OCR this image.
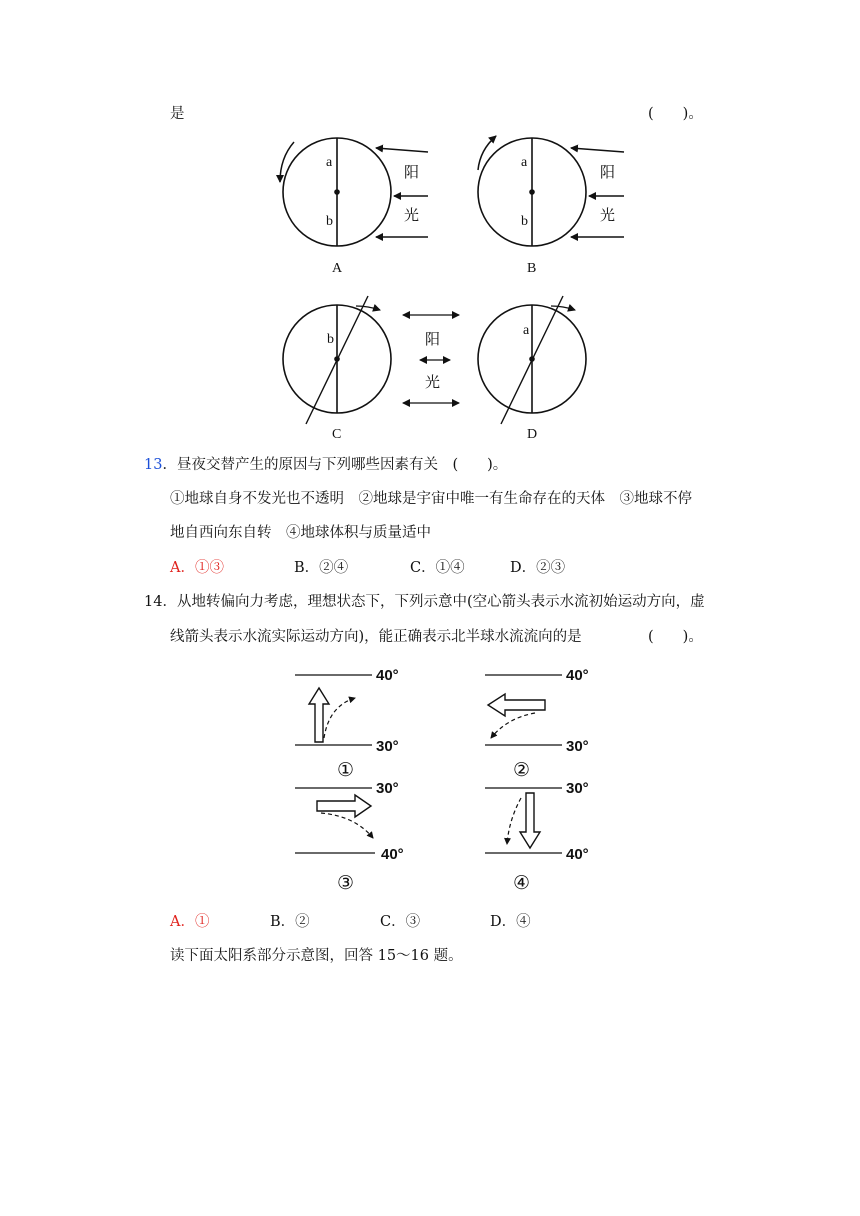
是	(　　)。
a
b
阳
光
A
a
b
阳
光
B
b
C
阳
光
a
D
13．昼夜交替产生的原因与下列哪些因素有关　(　　)。
①地球自身不发光也不透明　②地球是宇宙中唯一有生命存在的天体　③地球不停
地自西向东自转　④地球体积与质量适中
A．①③	B．②④	C．①④	D．②③
14．从地转偏向力考虑，理想状态下，下列示意中(空心箭头表示水流初始运动方向，虚
线箭头表示水流实际运动方向)，能正确表示北半球水流流向的是	(　　)。
40°
30°
①
40°
30°
②
30°
40°
③
30°
40°
④
A．①	B．②	C．③	D．④
读下面太阳系部分示意图，回答 15～16 题。
